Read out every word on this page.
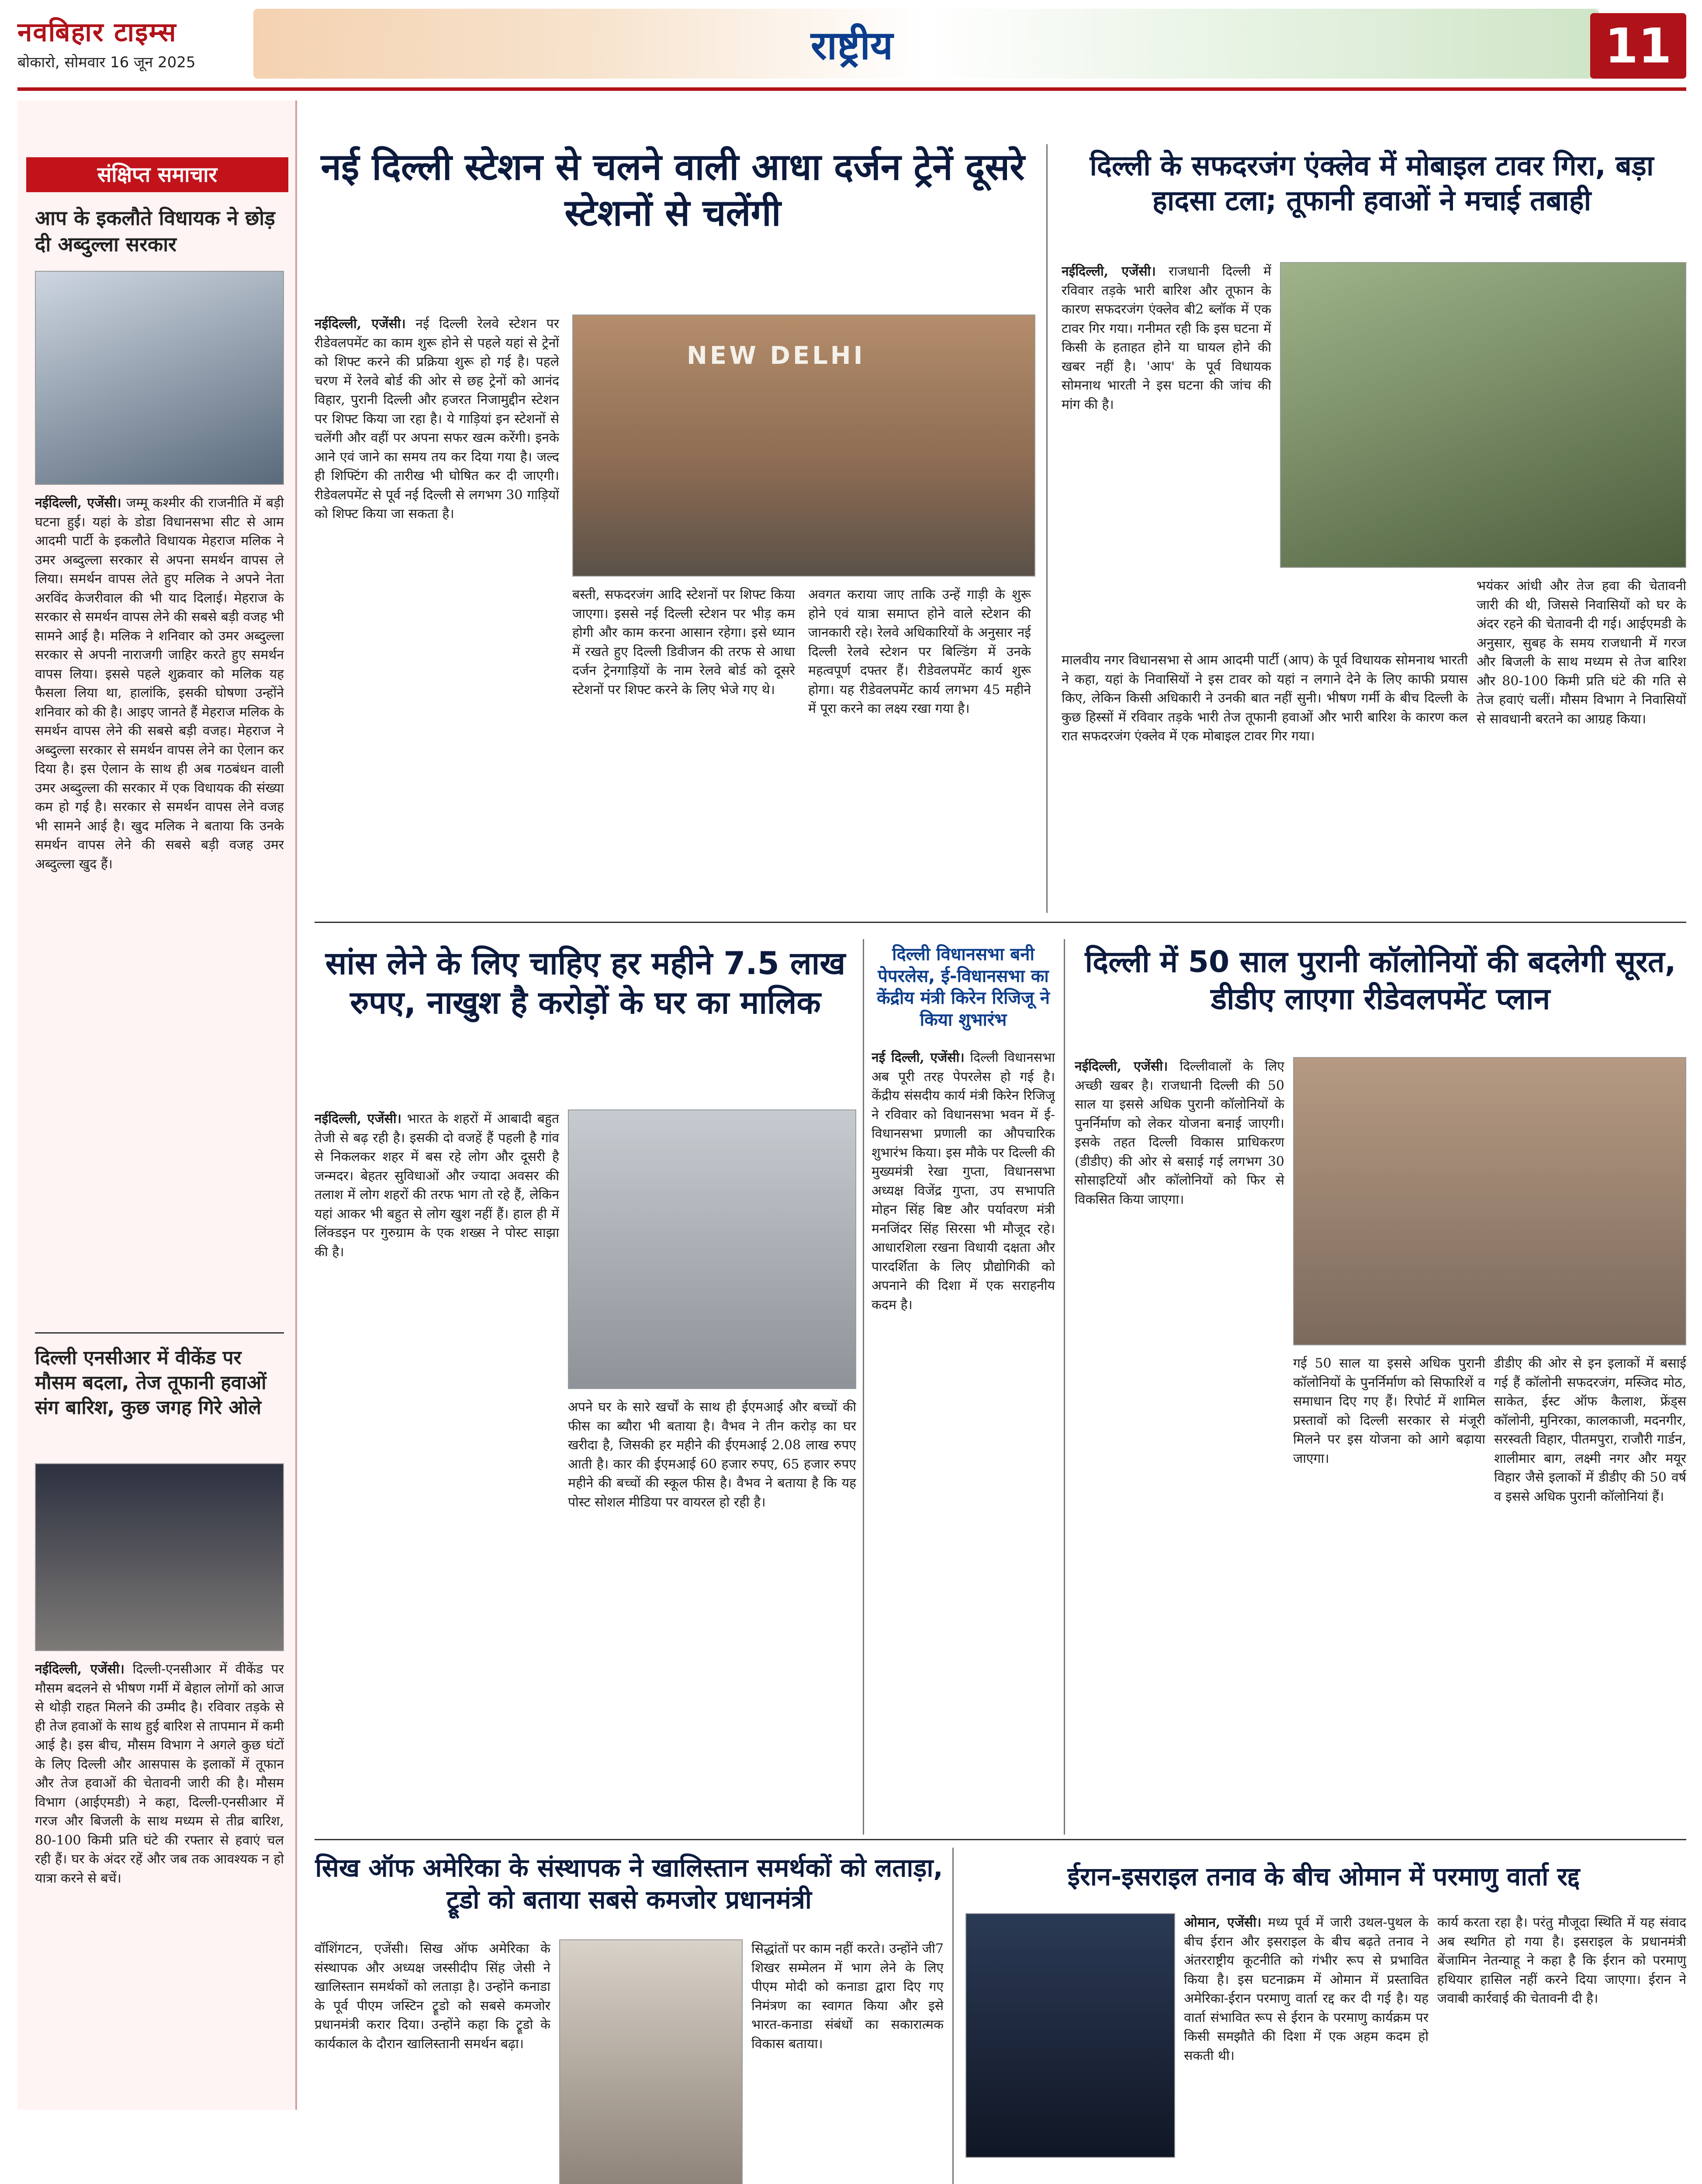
नवबिहार टाइम्स
बोकारो, सोमवार 16 जून 2025	राष्ट्रीय	11
संक्षिप्त समाचार
आप के इकलौते विधायक ने छोड़ दी अब्दुल्ला सरकार
नईदिल्ली, एजेंसी। जम्मू कश्मीर की राजनीति में बड़ी घटना हुई। यहां के डोडा विधानसभा सीट से आम आदमी पार्टी के इकलौते विधायक मेहराज मलिक ने उमर अब्दुल्ला सरकार से अपना समर्थन वापस ले लिया। समर्थन वापस लेते हुए मलिक ने अपने नेता अरविंद केजरीवाल की भी याद दिलाई। मेहराज के सरकार से समर्थन वापस लेने की सबसे बड़ी वजह भी सामने आई है। मलिक ने शनिवार को उमर अब्दुल्ला सरकार से अपनी नाराजगी जाहिर करते हुए समर्थन वापस लिया। इससे पहले शुक्रवार को मलिक यह फैसला लिया था, हालांकि, इसकी घोषणा उन्होंने शनिवार को की है। आइए जानते हैं मेहराज मलिक के समर्थन वापस लेने की सबसे बड़ी वजह। मेहराज ने अब्दुल्ला सरकार से समर्थन वापस लेने का ऐलान कर दिया है। इस ऐलान के साथ ही अब गठबंधन वाली उमर अब्दुल्ला की सरकार में एक विधायक की संख्या कम हो गई है। सरकार से समर्थन वापस लेने वजह भी सामने आई है। खुद मलिक ने बताया कि उनके समर्थन वापस लेने की सबसे बड़ी वजह उमर अब्दुल्ला खुद हैं।
दिल्ली एनसीआर में वीकेंड पर मौसम बदला, तेज तूफानी हवाओं संग बारिश, कुछ जगह गिरे ओले
नईदिल्ली, एजेंसी। दिल्ली-एनसीआर में वीकेंड पर मौसम बदलने से भीषण गर्मी में बेहाल लोगों को आज से थोड़ी राहत मिलने की उम्मीद है। रविवार तड़के से ही तेज हवाओं के साथ हुई बारिश से तापमान में कमी आई है। इस बीच, मौसम विभाग ने अगले कुछ घंटों के लिए दिल्ली और आसपास के इलाकों में तूफान और तेज हवाओं की चेतावनी जारी की है। मौसम विभाग (आईएमडी) ने कहा, दिल्ली-एनसीआर में गरज और बिजली के साथ मध्यम से तीव्र बारिश, 80-100 किमी प्रति घंटे की रफ्तार से हवाएं चल रही हैं। घर के अंदर रहें और जब तक आवश्यक न हो यात्रा करने से बचें।
नई दिल्ली स्टेशन से चलने वाली आधा दर्जन ट्रेनें दूसरे स्टेशनों से चलेंगी
नईदिल्ली, एजेंसी। नई दिल्ली रेलवे स्टेशन पर रीडेवलपमेंट का काम शुरू होने से पहले यहां से ट्रेनों को शिफ्ट करने की प्रक्रिया शुरू हो गई है। पहले चरण में रेलवे बोर्ड की ओर से छह ट्रेनों को आनंद विहार, पुरानी दिल्ली और हजरत निजामुद्दीन स्टेशन पर शिफ्ट किया जा रहा है। ये गाड़ियां इन स्टेशनों से चलेंगी और वहीं पर अपना सफर खत्म करेंगी। इनके आने एवं जाने का समय तय कर दिया गया है। जल्द ही शिफ्टिंग की तारीख भी घोषित कर दी जाएगी। रीडेवलपमेंट से पूर्व नई दिल्ली से लगभग 30 गाड़ियों को शिफ्ट किया जा सकता है।
NEW DELHI
बस्ती, सफदरजंग आदि स्टेशनों पर शिफ्ट किया जाएगा। इससे नई दिल्ली स्टेशन पर भीड़ कम होगी और काम करना आसान रहेगा। इसे ध्यान में रखते हुए दिल्ली डिवीजन की तरफ से आधा दर्जन ट्रेनगाड़ियों के नाम रेलवे बोर्ड को दूसरे स्टेशनों पर शिफ्ट करने के लिए भेजे गए थे।
अवगत कराया जाए ताकि उन्हें गाड़ी के शुरू होने एवं यात्रा समाप्त होने वाले स्टेशन की जानकारी रहे। रेलवे अधिकारियों के अनुसार नई दिल्ली रेलवे स्टेशन पर बिल्डिंग में उनके महत्वपूर्ण दफ्तर हैं। रीडेवलपमेंट कार्य शुरू होगा। यह रीडेवलपमेंट कार्य लगभग 45 महीने में पूरा करने का लक्ष्य रखा गया है।
दिल्ली के सफदरजंग एंक्लेव में मोबाइल टावर गिरा, बड़ा हादसा टला; तूफानी हवाओं ने मचाई तबाही
नईदिल्ली, एजेंसी। राजधानी दिल्ली में रविवार तड़के भारी बारिश और तूफान के कारण सफदरजंग एंक्लेव बी2 ब्लॉक में एक टावर गिर गया। गनीमत रही कि इस घटना में किसी के हताहत होने या घायल होने की खबर नहीं है। 'आप' के पूर्व विधायक सोमनाथ भारती ने इस घटना की जांच की मांग की है।
मालवीय नगर विधानसभा से आम आदमी पार्टी (आप) के पूर्व विधायक सोमनाथ भारती ने कहा, यहां के निवासियों ने इस टावर को यहां न लगाने देने के लिए काफी प्रयास किए, लेकिन किसी अधिकारी ने उनकी बात नहीं सुनी। भीषण गर्मी के बीच दिल्ली के कुछ हिस्सों में रविवार तड़के भारी तेज तूफानी हवाओं और भारी बारिश के कारण कल रात सफदरजंग एंक्लेव में एक मोबाइल टावर गिर गया।
भयंकर आंधी और तेज हवा की चेतावनी जारी की थी, जिससे निवासियों को घर के अंदर रहने की चेतावनी दी गई। आईएमडी के अनुसार, सुबह के समय राजधानी में गरज और बिजली के साथ मध्यम से तेज बारिश और 80-100 किमी प्रति घंटे की गति से तेज हवाएं चलीं। मौसम विभाग ने निवासियों से सावधानी बरतने का आग्रह किया।
सांस लेने के लिए चाहिए हर महीने 7.5 लाख रुपए, नाखुश है करोड़ों के घर का मालिक
नईदिल्ली, एजेंसी। भारत के शहरों में आबादी बहुत तेजी से बढ़ रही है। इसकी दो वजहें हैं पहली है गांव से निकलकर शहर में बस रहे लोग और दूसरी है जन्मदर। बेहतर सुविधाओं और ज्यादा अवसर की तलाश में लोग शहरों की तरफ भाग तो रहे हैं, लेकिन यहां आकर भी बहुत से लोग खुश नहीं हैं। हाल ही में लिंक्डइन पर गुरुग्राम के एक शख्स ने पोस्ट साझा की है।
अपने घर के सारे खर्चों के साथ ही ईएमआई और बच्चों की फीस का ब्यौरा भी बताया है। वैभव ने तीन करोड़ का घर खरीदा है, जिसकी हर महीने की ईएमआई 2.08 लाख रुपए आती है। कार की ईएमआई 60 हजार रुपए, 65 हजार रुपए महीने की बच्चों की स्कूल फीस है। वैभव ने बताया है कि यह पोस्ट सोशल मीडिया पर वायरल हो रही है।
दिल्ली विधानसभा बनी पेपरलेस, ई-विधानसभा का केंद्रीय मंत्री किरेन रिजिजू ने किया शुभारंभ
नई दिल्ली, एजेंसी। दिल्ली विधानसभा अब पूरी तरह पेपरलेस हो गई है। केंद्रीय संसदीय कार्य मंत्री किरेन रिजिजू ने रविवार को विधानसभा भवन में ई-विधानसभा प्रणाली का औपचारिक शुभारंभ किया। इस मौके पर दिल्ली की मुख्यमंत्री रेखा गुप्ता, विधानसभा अध्यक्ष विजेंद्र गुप्ता, उप सभापति मोहन सिंह बिष्ट और पर्यावरण मंत्री मनजिंदर सिंह सिरसा भी मौजूद रहे। आधारशिला रखना विधायी दक्षता और पारदर्शिता के लिए प्रौद्योगिकी को अपनाने की दिशा में एक सराहनीय कदम है।
दिल्ली में 50 साल पुरानी कॉलोनियों की बदलेगी सूरत, डीडीए लाएगा रीडेवलपमेंट प्लान
नईदिल्ली, एजेंसी। दिल्लीवालों के लिए अच्छी खबर है। राजधानी दिल्ली की 50 साल या इससे अधिक पुरानी कॉलोनियों के पुनर्निर्माण को लेकर योजना बनाई जाएगी। इसके तहत दिल्ली विकास प्राधिकरण (डीडीए) की ओर से बसाई गई लगभग 30 सोसाइटियों और कॉलोनियों को फिर से विकसित किया जाएगा।
गई 50 साल या इससे अधिक पुरानी कॉलोनियों के पुनर्निर्माण को सिफारिशें व समाधान दिए गए हैं। रिपोर्ट में शामिल प्रस्तावों को दिल्ली सरकार से मंजूरी मिलने पर इस योजना को आगे बढ़ाया जाएगा।
डीडीए की ओर से इन इलाकों में बसाई गई हैं कॉलोनी सफदरजंग, मस्जिद मोठ, साकेत, ईस्ट ऑफ कैलाश, फ्रेंड्स कॉलोनी, मुनिरका, कालकाजी, मदनगीर, सरस्वती विहार, पीतमपुरा, राजौरी गार्डन, शालीमार बाग, लक्ष्मी नगर और मयूर विहार जैसे इलाकों में डीडीए की 50 वर्ष व इससे अधिक पुरानी कॉलोनियां हैं।
सिख ऑफ अमेरिका के संस्थापक ने खालिस्तान समर्थकों को लताड़ा, ट्रूडो को बताया सबसे कमजोर प्रधानमंत्री
वॉशिंगटन, एजेंसी। सिख ऑफ अमेरिका के संस्थापक और अध्यक्ष जस्सीदीप सिंह जेसी ने खालिस्तान समर्थकों को लताड़ा है। उन्होंने कनाडा के पूर्व पीएम जस्टिन ट्रूडो को सबसे कमजोर प्रधानमंत्री करार दिया। उन्होंने कहा कि ट्रूडो के कार्यकाल के दौरान खालिस्तानी समर्थन बढ़ा।
सिद्धांतों पर काम नहीं करते। उन्होंने जी7 शिखर सम्मेलन में भाग लेने के लिए पीएम मोदी को कनाडा द्वारा दिए गए निमंत्रण का स्वागत किया और इसे भारत-कनाडा संबंधों का सकारात्मक विकास बताया।
ईरान-इसराइल तनाव के बीच ओमान में परमाणु वार्ता रद्द
ओमान, एजेंसी। मध्य पूर्व में जारी उथल-पुथल के बीच ईरान और इसराइल के बीच बढ़ते तनाव ने अंतरराष्ट्रीय कूटनीति को गंभीर रूप से प्रभावित किया है। इस घटनाक्रम में ओमान में प्रस्तावित अमेरिका-ईरान परमाणु वार्ता रद्द कर दी गई है। यह वार्ता संभावित रूप से ईरान के परमाणु कार्यक्रम पर किसी समझौते की दिशा में एक अहम कदम हो सकती थी।
कार्य करता रहा है। परंतु मौजूदा स्थिति में यह संवाद अब स्थगित हो गया है। इसराइल के प्रधानमंत्री बेंजामिन नेतन्याहू ने कहा है कि ईरान को परमाणु हथियार हासिल नहीं करने दिया जाएगा। ईरान ने जवाबी कार्रवाई की चेतावनी दी है।
